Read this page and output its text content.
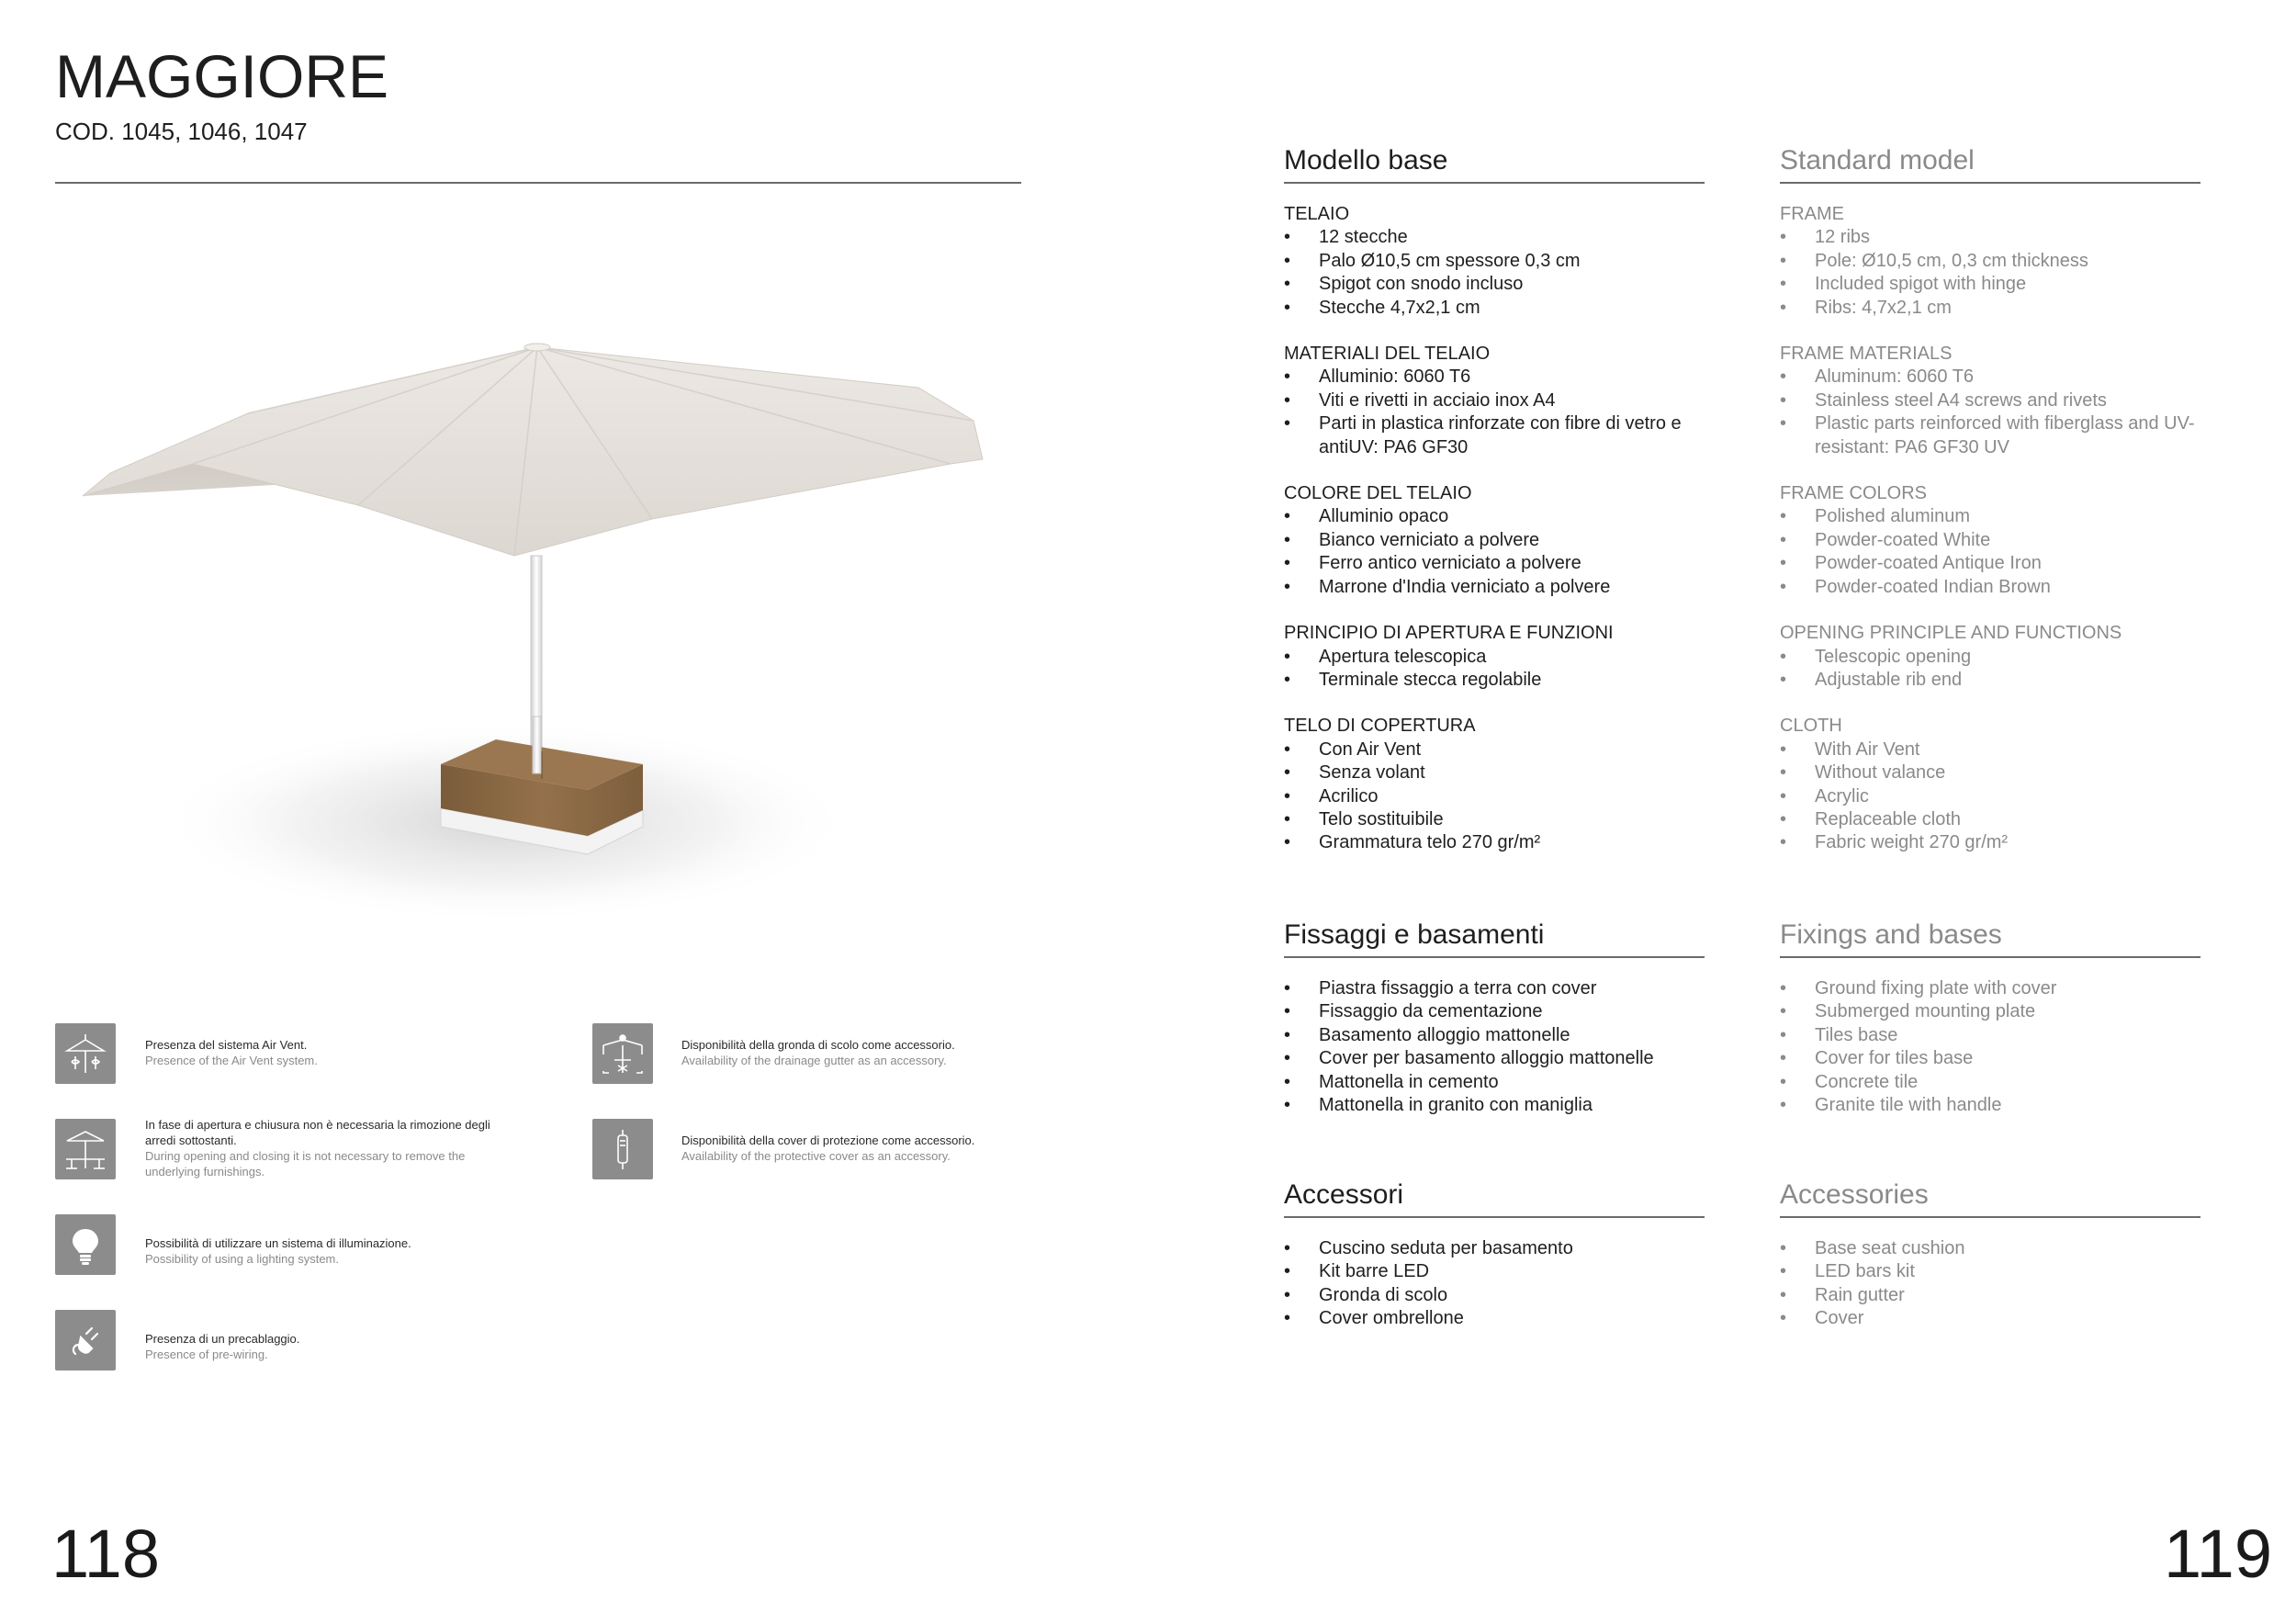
MAGGIORE
COD. 1045, 1046, 1047
Presenza del sistema Air Vent.
Presence of the Air Vent system.
In fase di apertura e chiusura non è necessaria la rimozione degli arredi sottostanti.
During opening and closing it is not necessary to remove the underlying furnishings.
Possibilità di utilizzare un sistema di illuminazione.
Possibility of using a lighting system.
Presenza di un precablaggio.
Presence of pre-wiring.
Disponibilità della gronda di scolo come accessorio.
Availability of the drainage gutter as an accessory.
Disponibilità della cover di protezione come accessorio.
Availability of the protective cover as an accessory.
118
Modello base	Standard model
TELAIO
• 12 stecche
• Palo Ø10,5 cm spessore 0,3 cm
• Spigot con snodo incluso
• Stecche 4,7x2,1 cm
MATERIALI DEL TELAIO
• Alluminio: 6060 T6
• Viti e rivetti in acciaio inox A4
• Parti in plastica rinforzate con fibre di vetro e antiUV: PA6 GF30
COLORE DEL TELAIO
• Alluminio opaco
• Bianco verniciato a polvere
• Ferro antico verniciato a polvere
• Marrone d'India verniciato a polvere
PRINCIPIO DI APERTURA E FUNZIONI
• Apertura telescopica
• Terminale stecca regolabile
TELO DI COPERTURA
• Con Air Vent
• Senza volant
• Acrilico
• Telo sostituibile
• Grammatura telo 270 gr/m²
FRAME
• 12 ribs
• Pole: Ø10,5 cm, 0,3 cm thickness
• Included spigot with hinge
• Ribs: 4,7x2,1 cm
FRAME MATERIALS
• Aluminum: 6060 T6
• Stainless steel A4 screws and rivets
• Plastic parts reinforced with fiberglass and UV-resistant: PA6 GF30 UV
FRAME COLORS
• Polished aluminum
• Powder-coated White
• Powder-coated Antique Iron
• Powder-coated Indian Brown
OPENING PRINCIPLE AND FUNCTIONS
• Telescopic opening
• Adjustable rib end
CLOTH
• With Air Vent
• Without valance
• Acrylic
• Replaceable cloth
• Fabric weight 270 gr/m²
Fissaggi e basamenti	Fixings and bases
• Piastra fissaggio a terra con cover
• Fissaggio da cementazione
• Basamento alloggio mattonelle
• Cover per basamento alloggio mattonelle
• Mattonella in cemento
• Mattonella in granito con maniglia
• Ground fixing plate with cover
• Submerged mounting plate
• Tiles base
• Cover for tiles base
• Concrete tile
• Granite tile with handle
Accessori	Accessories
• Cuscino seduta per basamento
• Kit barre LED
• Gronda di scolo
• Cover ombrellone
• Base seat cushion
• LED bars kit
• Rain gutter
• Cover
119
